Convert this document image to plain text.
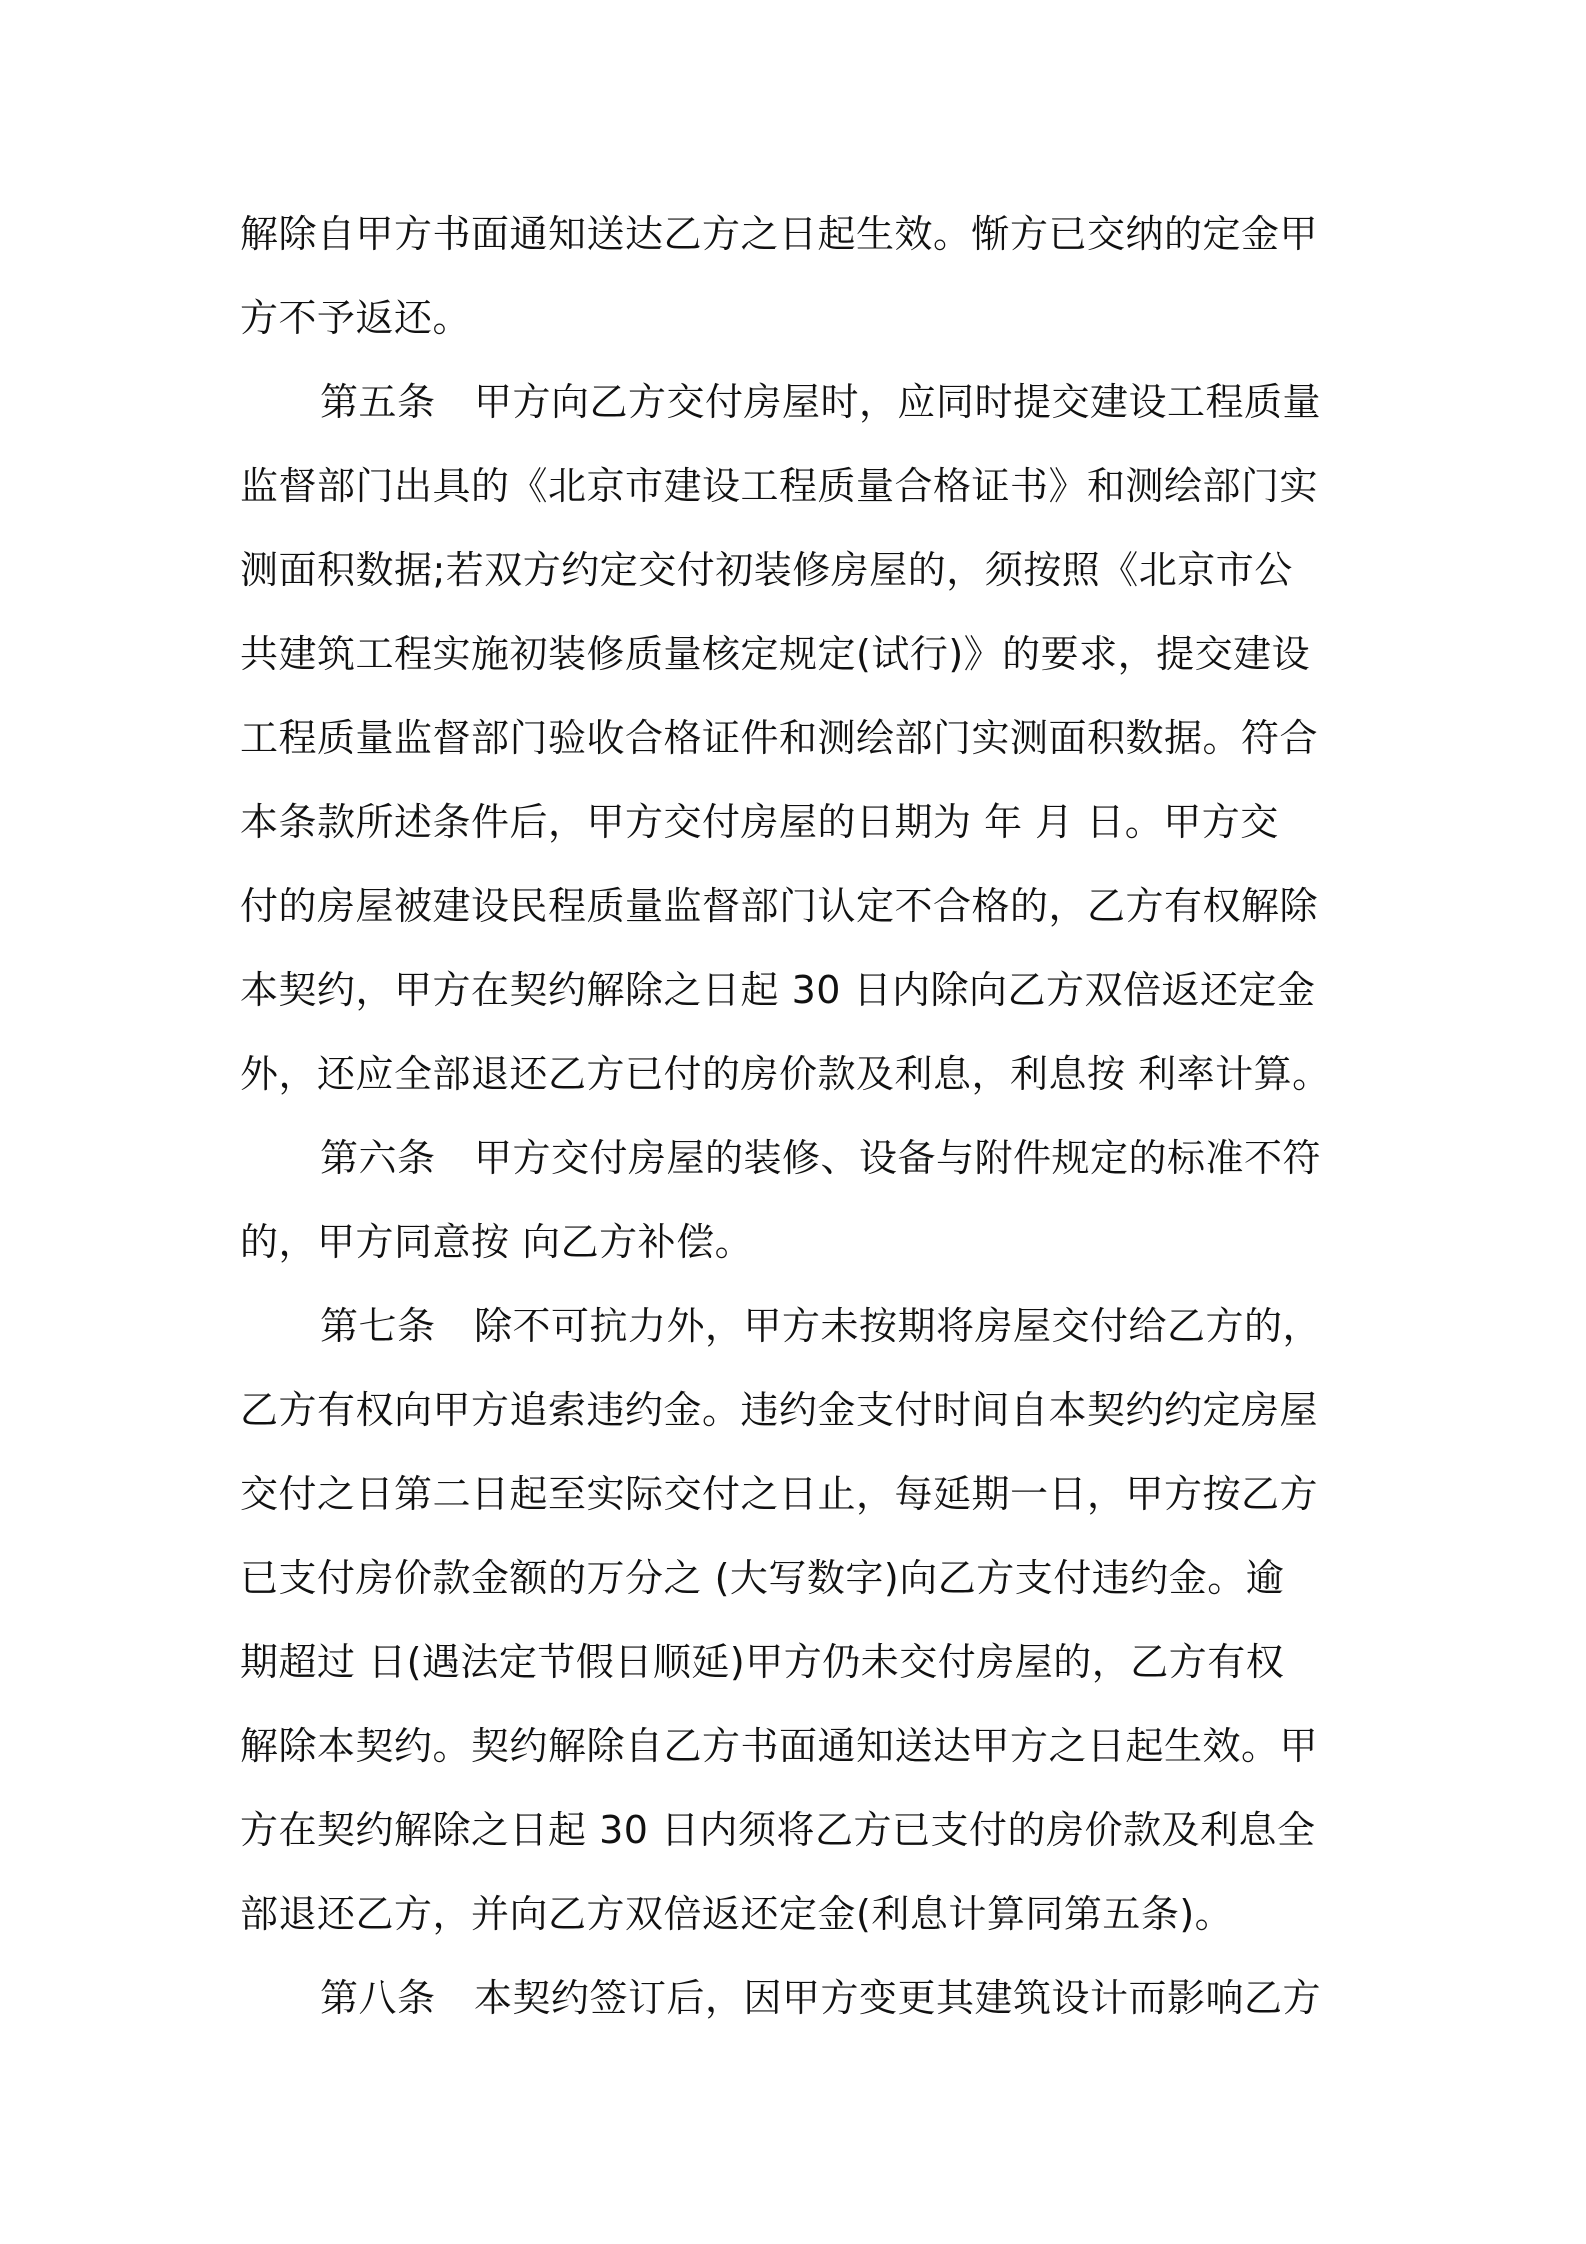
解除自甲方书面通知送达乙方之日起生效。惭方已交纳的定金甲
方不予返还。
第五条　甲方向乙方交付房屋时，应同时提交建设工程质量
监督部门出具的《北京市建设工程质量合格证书》和测绘部门实
测面积数据;若双方约定交付初装修房屋的，须按照《北京市公
共建筑工程实施初装修质量核定规定(试行)》的要求，提交建设
工程质量监督部门验收合格证件和测绘部门实测面积数据。符合
本条款所述条件后，甲方交付房屋的日期为 年 月 日。甲方交
付的房屋被建设民程质量监督部门认定不合格的，乙方有权解除
本契约，甲方在契约解除之日起 30 日内除向乙方双倍返还定金
外，还应全部退还乙方已付的房价款及利息，利息按 利率计算。
第六条　甲方交付房屋的装修、设备与附件规定的标准不符
的，甲方同意按 向乙方补偿。
第七条　除不可抗力外，甲方未按期将房屋交付给乙方的，
乙方有权向甲方追索违约金。违约金支付时间自本契约约定房屋
交付之日第二日起至实际交付之日止，每延期一日，甲方按乙方
已支付房价款金额的万分之 (大写数字)向乙方支付违约金。逾
期超过 日(遇法定节假日顺延)甲方仍未交付房屋的，乙方有权
解除本契约。契约解除自乙方书面通知送达甲方之日起生效。甲
方在契约解除之日起 30 日内须将乙方已支付的房价款及利息全
部退还乙方，并向乙方双倍返还定金(利息计算同第五条)。
第八条　本契约签订后，因甲方变更其建筑设计而影响乙方
